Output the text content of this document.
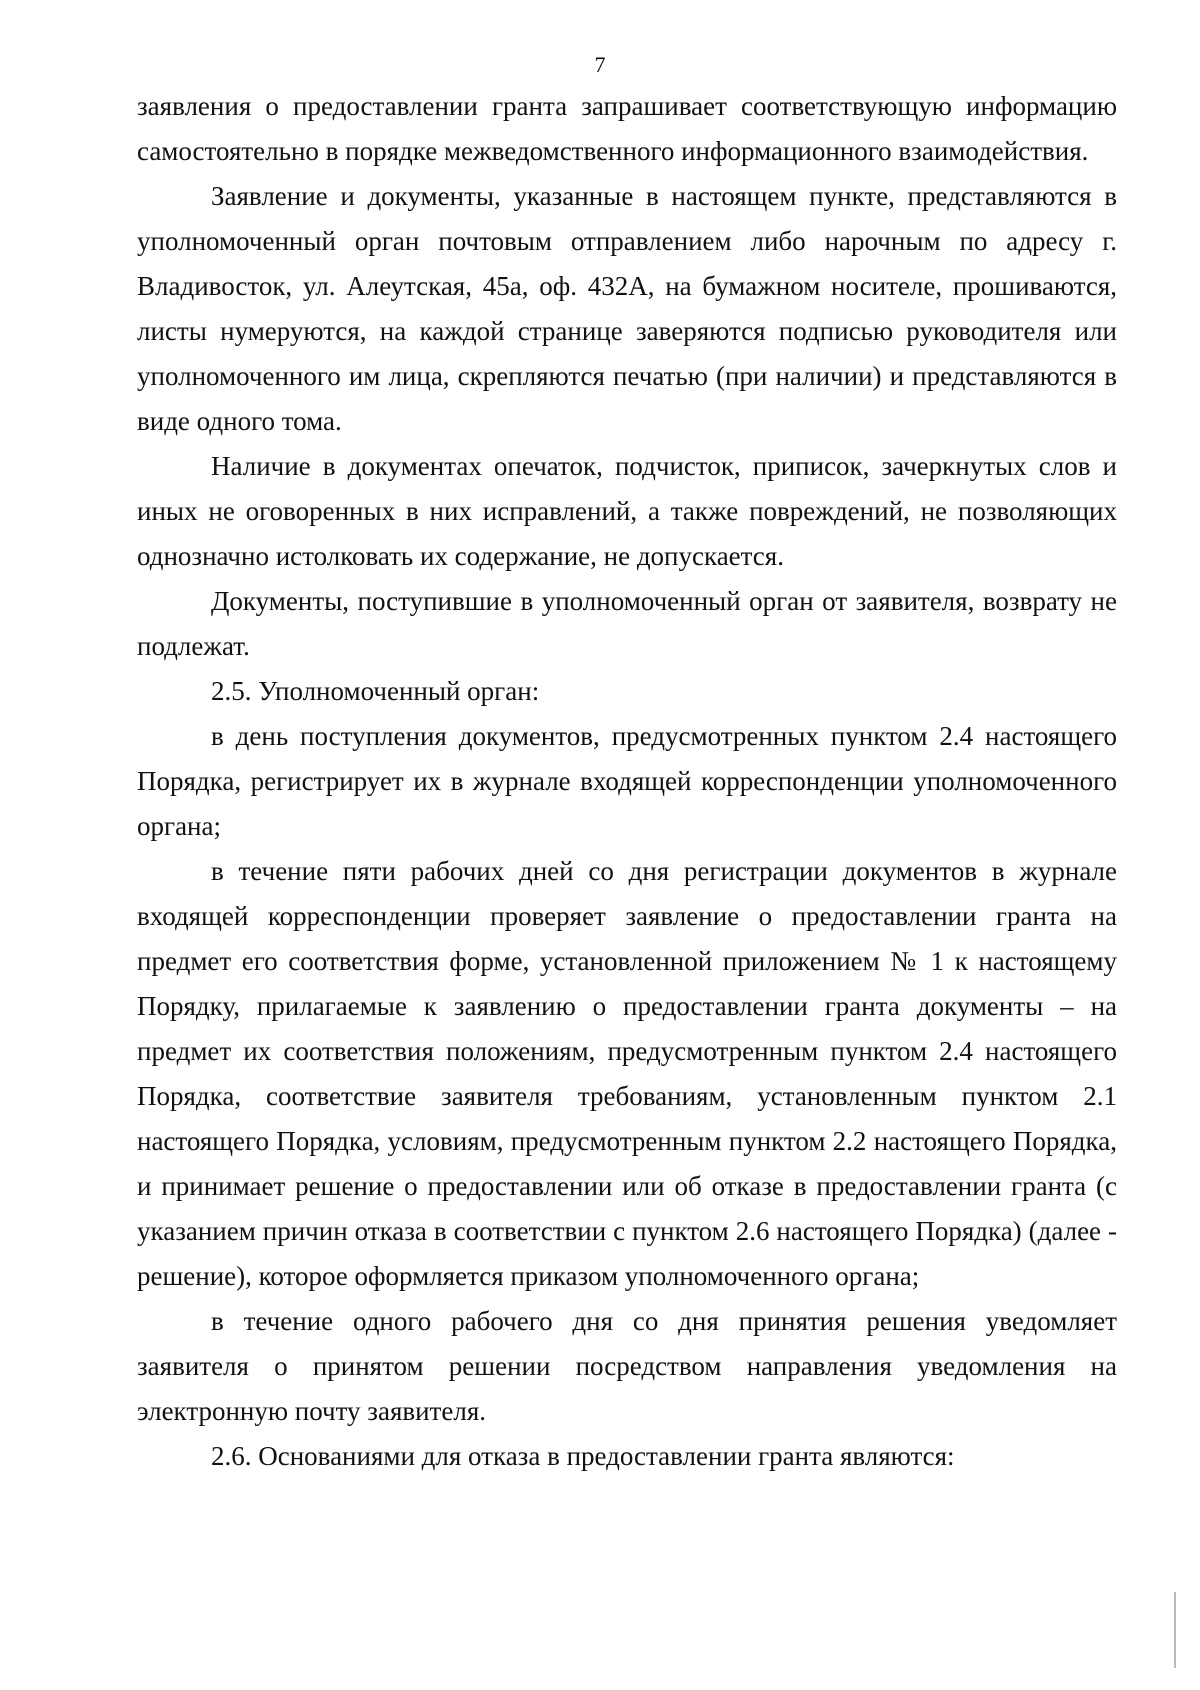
7

заявления о предоставлении гранта запрашивает соответствующую информацию самостоятельно в порядке межведомственного информационного взаимодействия.

Заявление и документы, указанные в настоящем пункте, представляются в уполномоченный орган почтовым отправлением либо нарочным по адресу г. Владивосток, ул. Алеутская, 45а, оф. 432А, на бумажном носителе, прошиваются, листы нумеруются, на каждой странице заверяются подписью руководителя или уполномоченного им лица, скрепляются печатью (при наличии) и представляются в виде одного тома.

Наличие в документах опечаток, подчисток, приписок, зачеркнутых слов и иных не оговоренных в них исправлений, а также повреждений, не позволяющих однозначно истолковать их содержание, не допускается.

Документы, поступившие в уполномоченный орган от заявителя, возврату не подлежат.

2.5. Уполномоченный орган:

в день поступления документов, предусмотренных пунктом 2.4 настоящего Порядка, регистрирует их в журнале входящей корреспонденции уполномоченного органа;

в течение пяти рабочих дней со дня регистрации документов в журнале входящей корреспонденции проверяет заявление о предоставлении гранта на предмет его соответствия форме, установленной приложением № 1 к настоящему Порядку, прилагаемые к заявлению о предоставлении гранта документы – на предмет их соответствия положениям, предусмотренным пунктом 2.4 настоящего Порядка, соответствие заявителя требованиям, установленным пунктом 2.1 настоящего Порядка, условиям, предусмотренным пунктом 2.2 настоящего Порядка, и принимает решение о предоставлении или об отказе в предоставлении гранта (с указанием причин отказа в соответствии с пунктом 2.6 настоящего Порядка) (далее - решение), которое оформляется приказом уполномоченного органа;

в течение одного рабочего дня со дня принятия решения уведомляет заявителя о принятом решении посредством направления уведомления на электронную почту заявителя.

2.6. Основаниями для отказа в предоставлении гранта являются:
